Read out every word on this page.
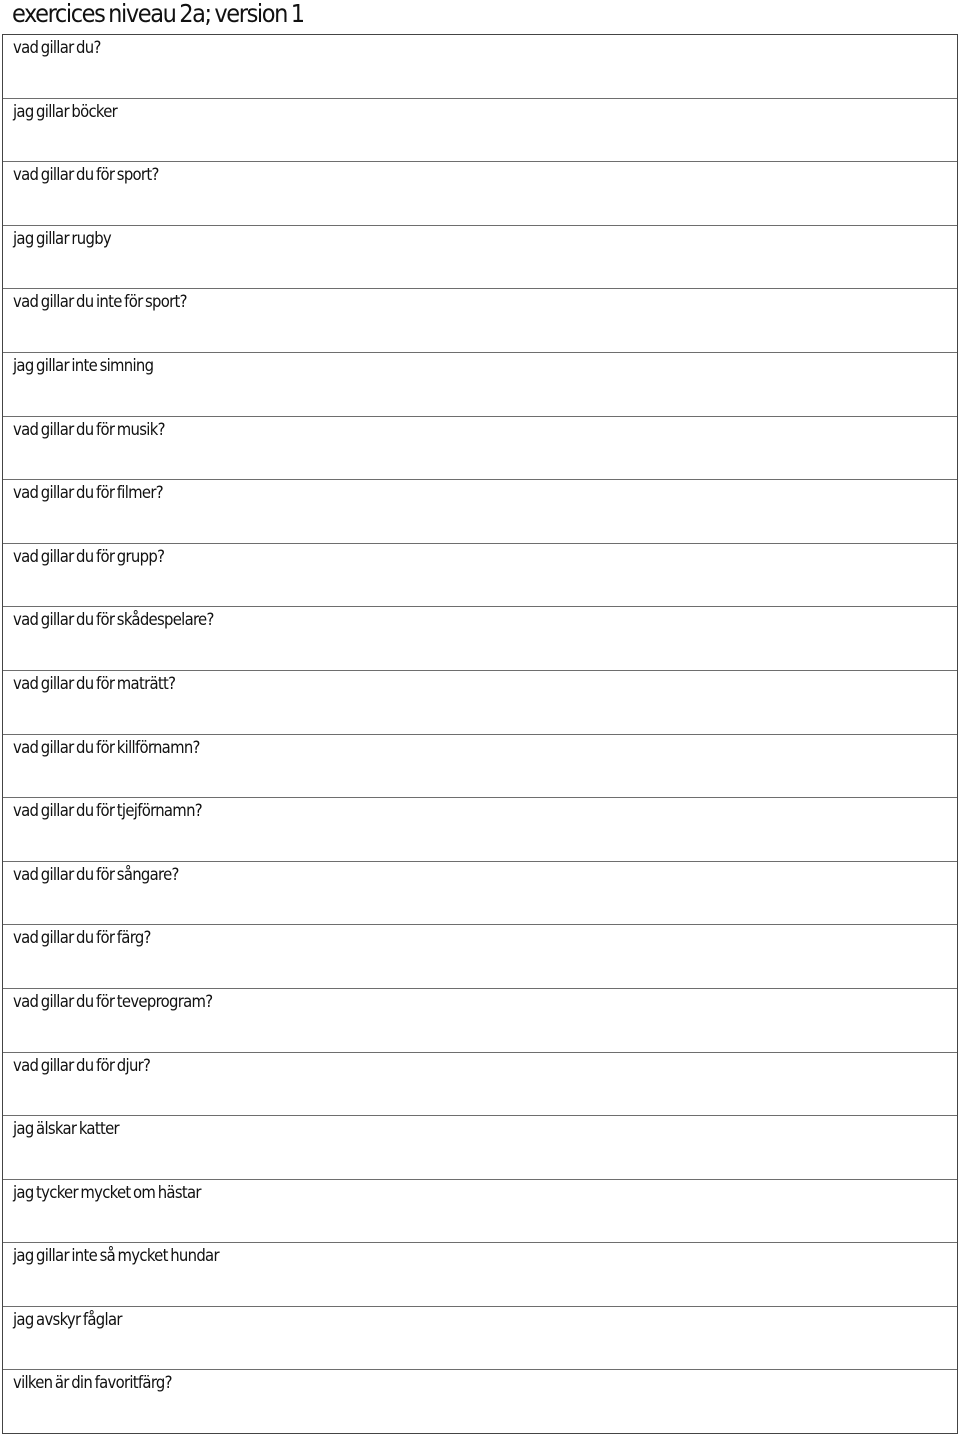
exercices niveau 2a; version 1
vad gillar du?
jag gillar böcker
vad gillar du för sport?
jag gillar rugby
vad gillar du inte för sport?
jag gillar inte simning
vad gillar du för musik?
vad gillar du för filmer?
vad gillar du för grupp?
vad gillar du för skådespelare?
vad gillar du för maträtt?
vad gillar du för killförnamn?
vad gillar du för tjejförnamn?
vad gillar du för sångare?
vad gillar du för färg?
vad gillar du för teveprogram?
vad gillar du för djur?
jag älskar katter
jag tycker mycket om hästar
jag gillar inte så mycket hundar
jag avskyr fåglar
vilken är din favoritfärg?
